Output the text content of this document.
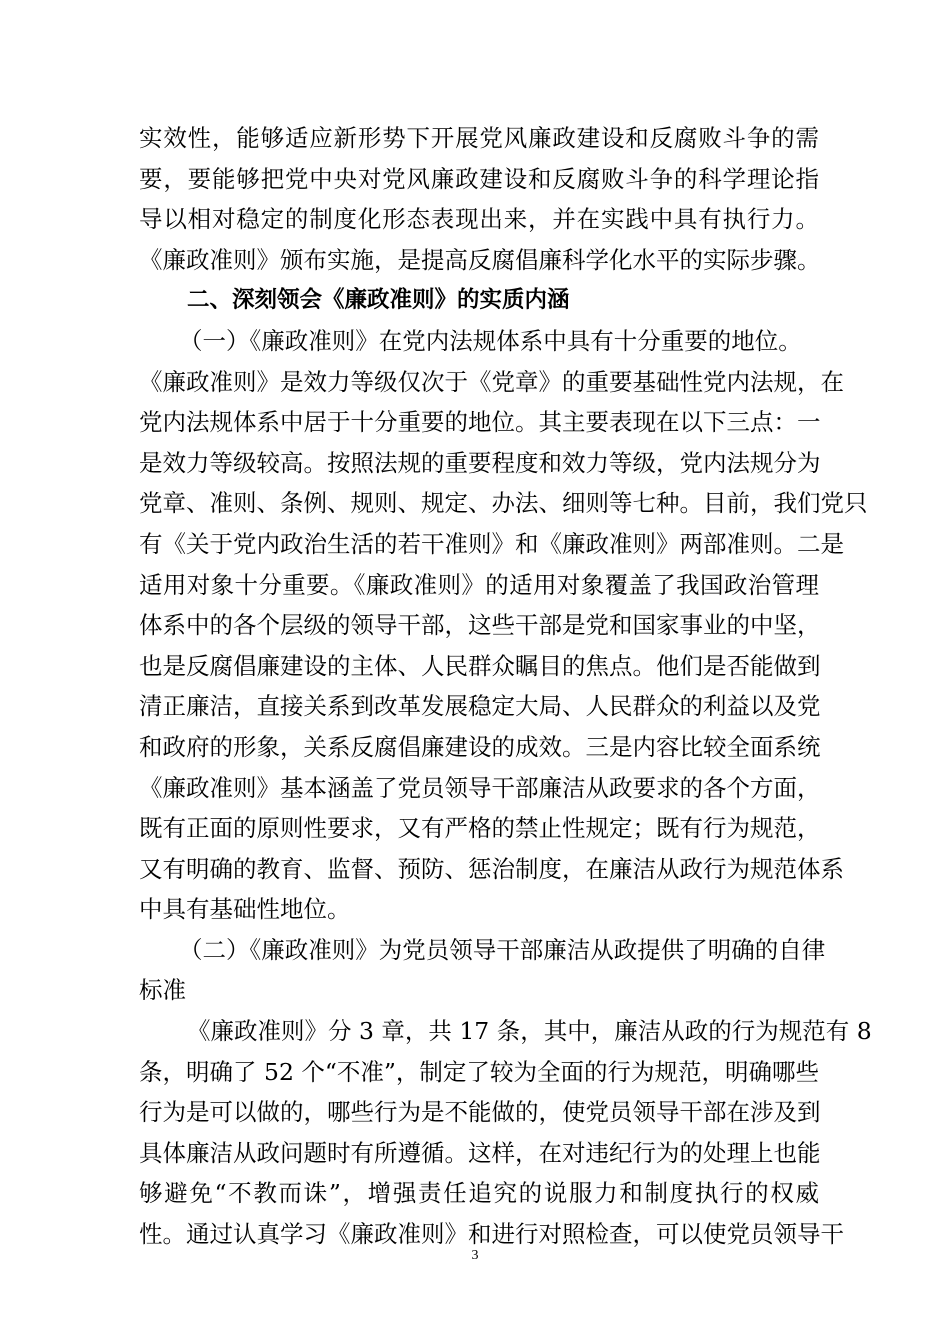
实效性，能够适应新形势下开展党风廉政建设和反腐败斗争的需
要，要能够把党中央对党风廉政建设和反腐败斗争的科学理论指
导以相对稳定的制度化形态表现出来，并在实践中具有执行力。
《廉政准则》颁布实施，是提高反腐倡廉科学化水平的实际步骤。
二、深刻领会《廉政准则》的实质内涵
（一）《廉政准则》在党内法规体系中具有十分重要的地位。
《廉政准则》是效力等级仅次于《党章》的重要基础性党内法规，在
党内法规体系中居于十分重要的地位。其主要表现在以下三点：一
是效力等级较高。按照法规的重要程度和效力等级，党内法规分为
党章、准则、条例、规则、规定、办法、细则等七种。目前，我们党只
有《关于党内政治生活的若干准则》和《廉政准则》两部准则。二是
适用对象十分重要。《廉政准则》的适用对象覆盖了我国政治管理
体系中的各个层级的领导干部，这些干部是党和国家事业的中坚，
也是反腐倡廉建设的主体、人民群众瞩目的焦点。他们是否能做到
清正廉洁，直接关系到改革发展稳定大局、人民群众的利益以及党
和政府的形象，关系反腐倡廉建设的成效。三是内容比较全面系统
《廉政准则》基本涵盖了党员领导干部廉洁从政要求的各个方面，
既有正面的原则性要求，又有严格的禁止性规定；既有行为规范，
又有明确的教育、监督、预防、惩治制度，在廉洁从政行为规范体系
中具有基础性地位。
（二）《廉政准则》为党员领导干部廉洁从政提供了明确的自律
标准
《廉政准则》分 3 章，共 17 条，其中，廉洁从政的行为规范有 8
条，明确了 52 个“不准”，制定了较为全面的行为规范，明确哪些
行为是可以做的，哪些行为是不能做的，使党员领导干部在涉及到
具体廉洁从政问题时有所遵循。这样，在对违纪行为的处理上也能
够避免“不教而诛”，增强责任追究的说服力和制度执行的权威
性。通过认真学习《廉政准则》和进行对照检查，可以使党员领导干
3
